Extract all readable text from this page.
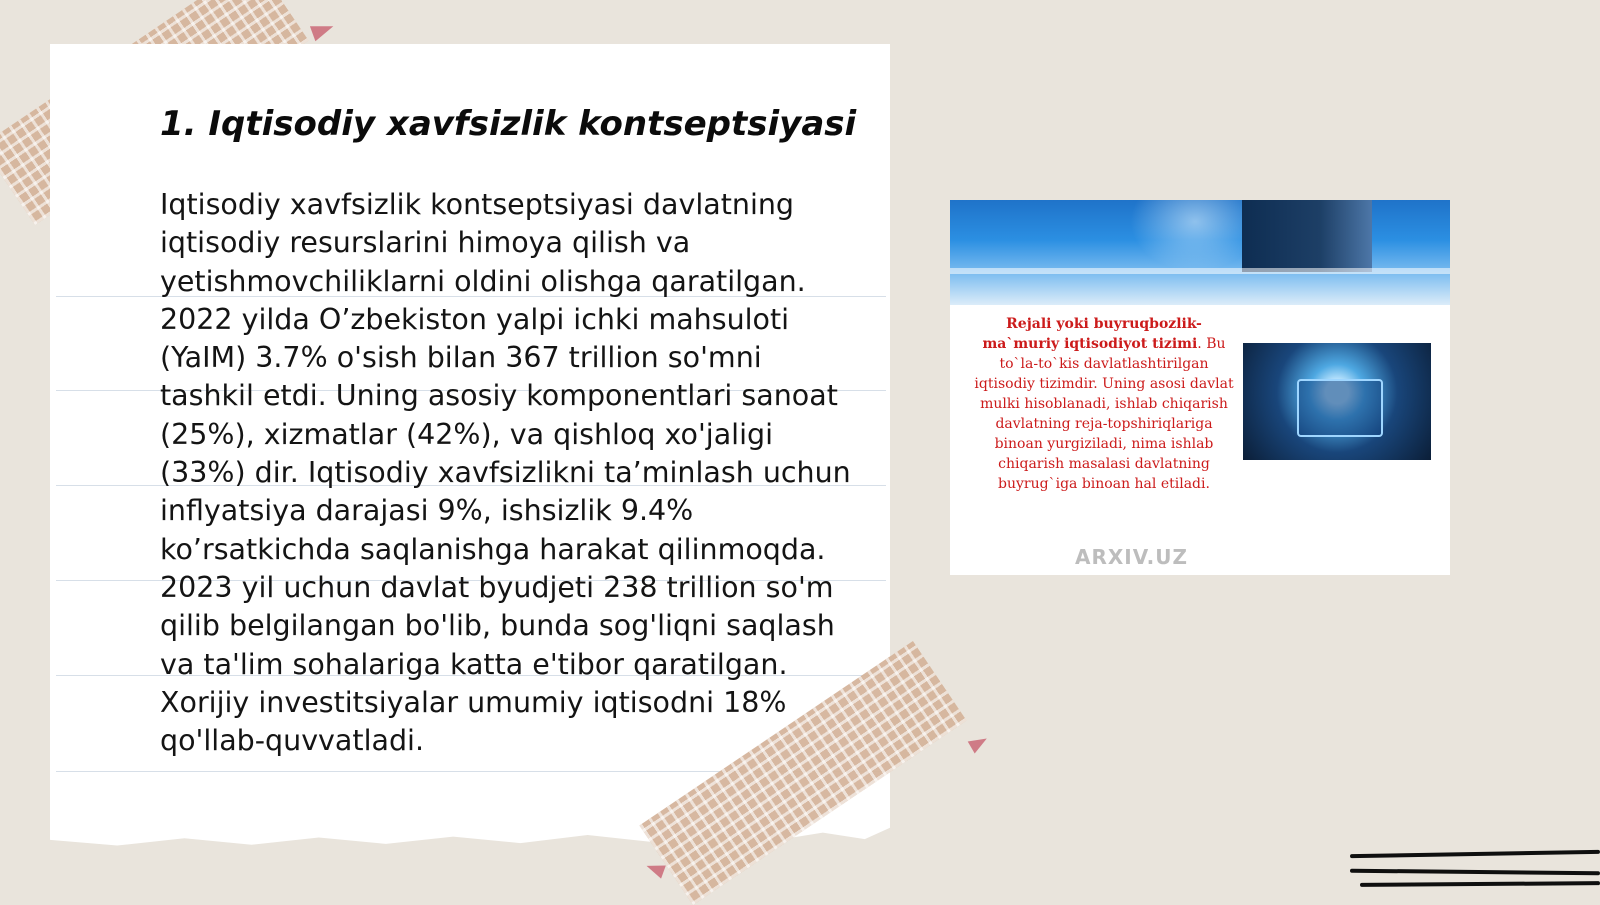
1. Iqtisodiy xavfsizlik kontseptsiyasi

Iqtisodiy xavfsizlik kontseptsiyasi davlatning iqtisodiy resurslarini himoya qilish va yetishmovchiliklarni oldini olishga qaratilgan. 2022 yilda O’zbekiston yalpi ichki mahsuloti (YaIM) 3.7% o'sish bilan 367 trillion so'mni tashkil etdi. Uning asosiy komponentlari sanoat (25%), xizmatlar (42%), va qishloq xo'jaligi (33%) dir. Iqtisodiy xavfsizlikni ta’minlash uchun inflyatsiya darajasi 9%, ishsizlik 9.4% ko’rsatkichda saqlanishga harakat qilinmoqda. 2023 yil uchun davlat byudjeti 238 trillion so'm qilib belgilangan bo'lib, bunda sog'liqni saqlash va ta'lim sohalariga katta e'tibor qaratilgan. Xorijiy investitsiyalar umumiy iqtisodni 18% qo'llab-quvvatladi.

Rejali yoki buyruqbozlik-ma`muriy iqtisodiyot tizimi. Bu to`la-to`kis davlatlashtirilgan iqtisodiy tizimdir. Uning asosi davlat mulki hisoblanadi, ishlab chiqarish davlatning reja-topshiriqlariga binoan yurgiziladi, nima ishlab chiqarish masalasi davlatning buyrug`iga binoan hal etiladi.

ARXIV.UZ
